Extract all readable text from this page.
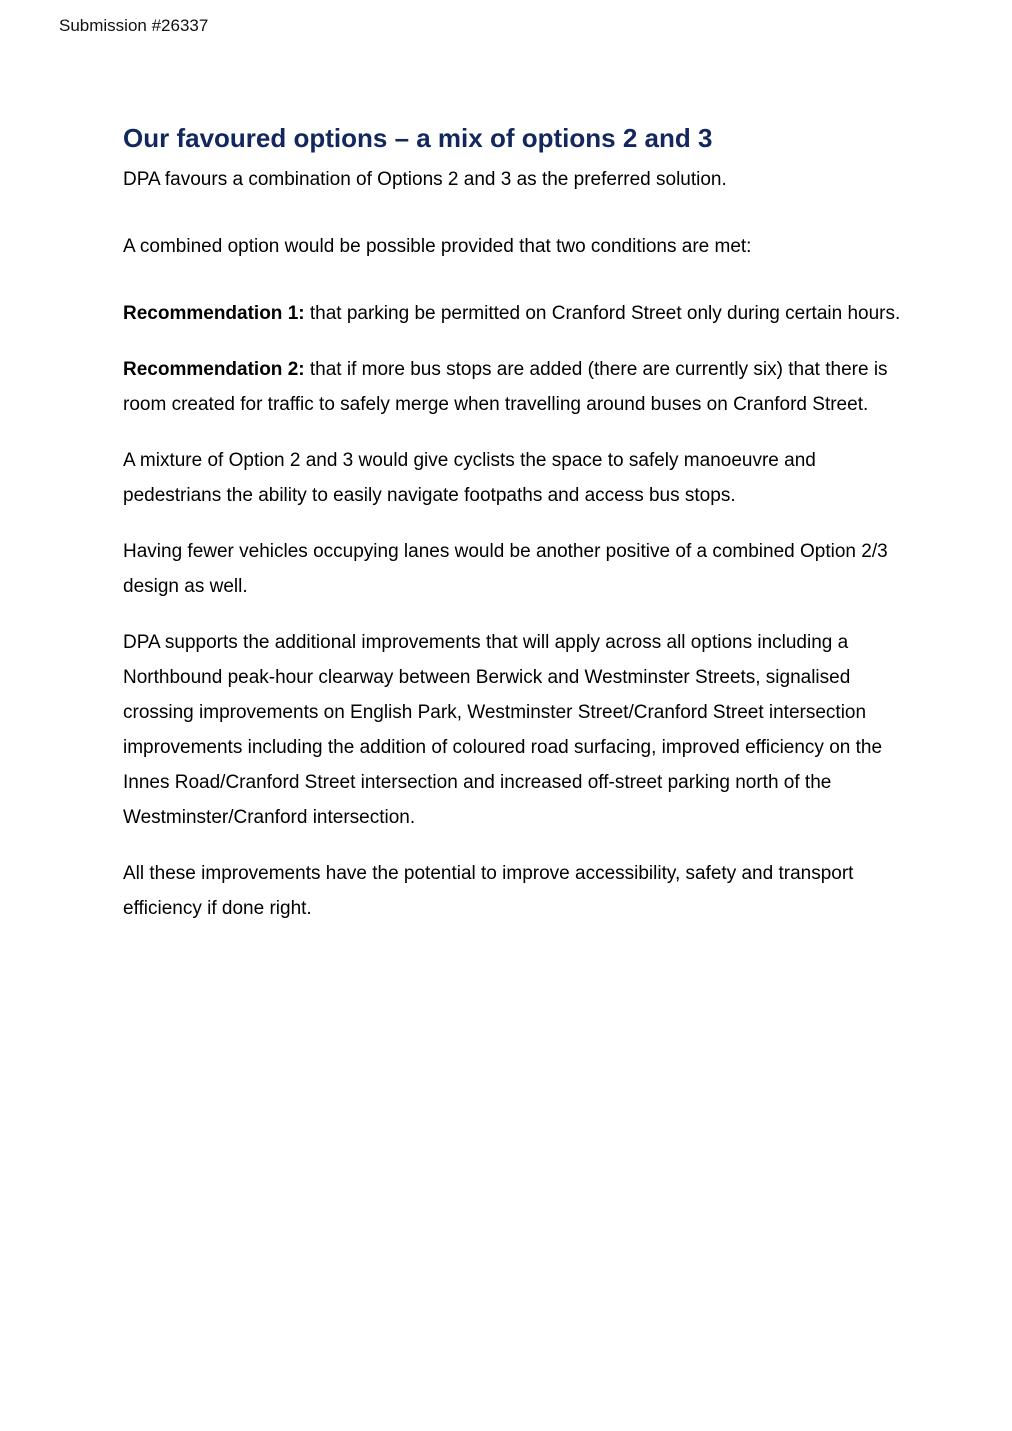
Submission #26337
Our favoured options – a mix of options 2 and 3

DPA favours a combination of Options 2 and 3 as the preferred solution.

A combined option would be possible provided that two conditions are met:

Recommendation 1: that parking be permitted on Cranford Street only during certain hours.

Recommendation 2: that if more bus stops are added (there are currently six) that there is room created for traffic to safely merge when travelling around buses on Cranford Street.

A mixture of Option 2 and 3 would give cyclists the space to safely manoeuvre and pedestrians the ability to easily navigate footpaths and access bus stops.

Having fewer vehicles occupying lanes would be another positive of a combined Option 2/3 design as well.

DPA supports the additional improvements that will apply across all options including a Northbound peak-hour clearway between Berwick and Westminster Streets, signalised crossing improvements on English Park, Westminster Street/Cranford Street intersection improvements including the addition of coloured road surfacing, improved efficiency on the Innes Road/Cranford Street intersection and increased off-street parking north of the Westminster/Cranford intersection.

All these improvements have the potential to improve accessibility, safety and transport efficiency if done right.
